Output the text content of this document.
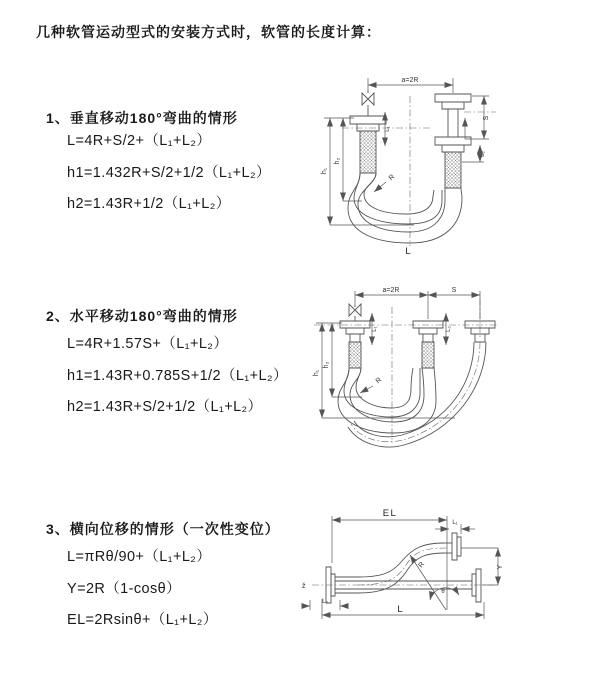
几种软管运动型式的安装方式时，软管的长度计算：
1、垂直移动180°弯曲的情形
L=4R+S/2+（L₁+L₂）
h1=1.432R+S/2+1/2（L₁+L₂）
h2=1.43R+1/2（L₁+L₂）
a=2R
h₁
h₂
L₁
S
L₂
R
L
2、水平移动180°弯曲的情形
L=4R+1.57S+（L₁+L₂）
h1=1.43R+0.785S+1/2（L₁+L₂）
h2=1.43R+S/2+1/2（L₁+L₂）
a=2R	S
L₁	L₂
h₁
h₂
R
3、横向位移的情形（一次性变位）
L=πRθ/90+（L₁+L₂）
Y=2R（1-cosθ）
EL=2Rsinθ+（L₁+L₂）
ž
EL
L₁
Y
R
θ
L
L₂
